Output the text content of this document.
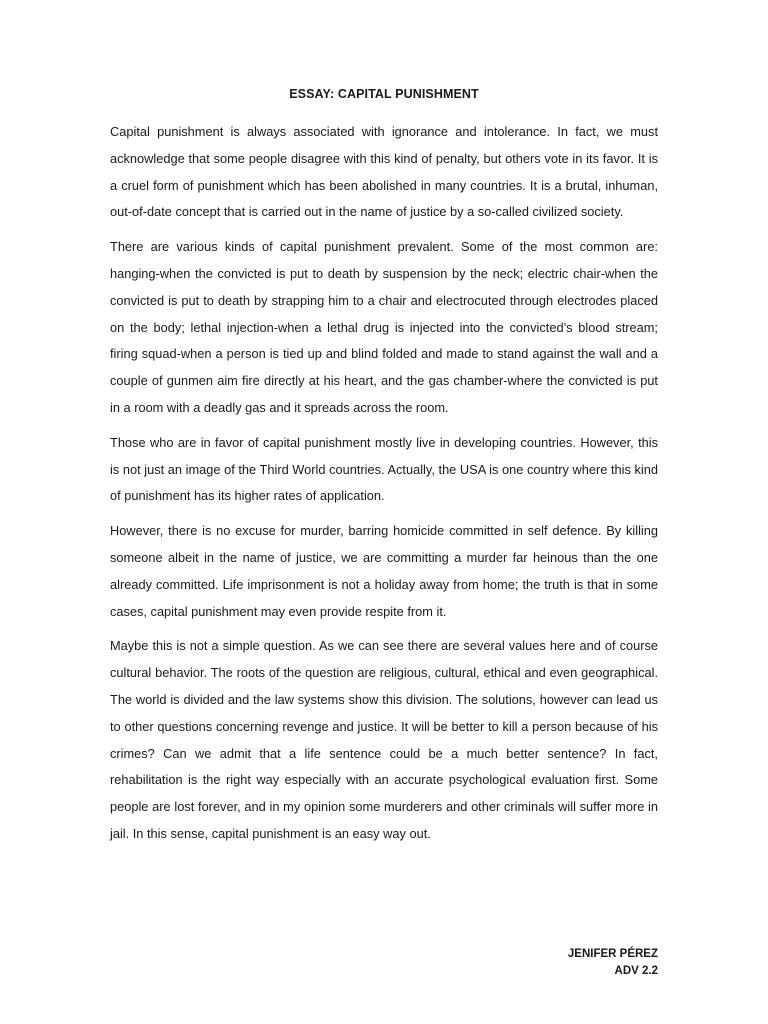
ESSAY: CAPITAL PUNISHMENT

Capital punishment is always associated with ignorance and intolerance. In fact, we must acknowledge that some people disagree with this kind of penalty, but others vote in its favor. It is a cruel form of punishment which has been abolished in many countries. It is a brutal, inhuman, out-of-date concept that is carried out in the name of justice by a so-called civilized society.

There are various kinds of capital punishment prevalent. Some of the most common are: hanging-when the convicted is put to death by suspension by the neck; electric chair-when the convicted is put to death by strapping him to a chair and electrocuted through electrodes placed on the body; lethal injection-when a lethal drug is injected into the convicted’s blood stream; firing squad-when a person is tied up and blind folded and made to stand against the wall and a couple of gunmen aim fire directly at his heart, and the gas chamber-where the convicted is put in a room with a deadly gas and it spreads across the room.

Those who are in favor of capital punishment mostly live in developing countries. However, this is not just an image of the Third World countries. Actually, the USA is one country where this kind of punishment has its higher rates of application.

However, there is no excuse for murder, barring homicide committed in self defence. By killing someone albeit in the name of justice, we are committing a murder far heinous than the one already committed. Life imprisonment is not a holiday away from home; the truth is that in some cases, capital punishment may even provide respite from it.

Maybe this is not a simple question. As we can see there are several values here and of course cultural behavior. The roots of the question are religious, cultural, ethical and even geographical. The world is divided and the law systems show this division. The solutions, however can lead us to other questions concerning revenge and justice. It will be better to kill a person because of his crimes? Can we admit that a life sentence could be a much better sentence? In fact, rehabilitation is the right way especially with an accurate psychological evaluation first. Some people are lost forever, and in my opinion some murderers and other criminals will suffer more in jail. In this sense, capital punishment is an easy way out.

JENIFER PÉREZ
ADV 2.2
